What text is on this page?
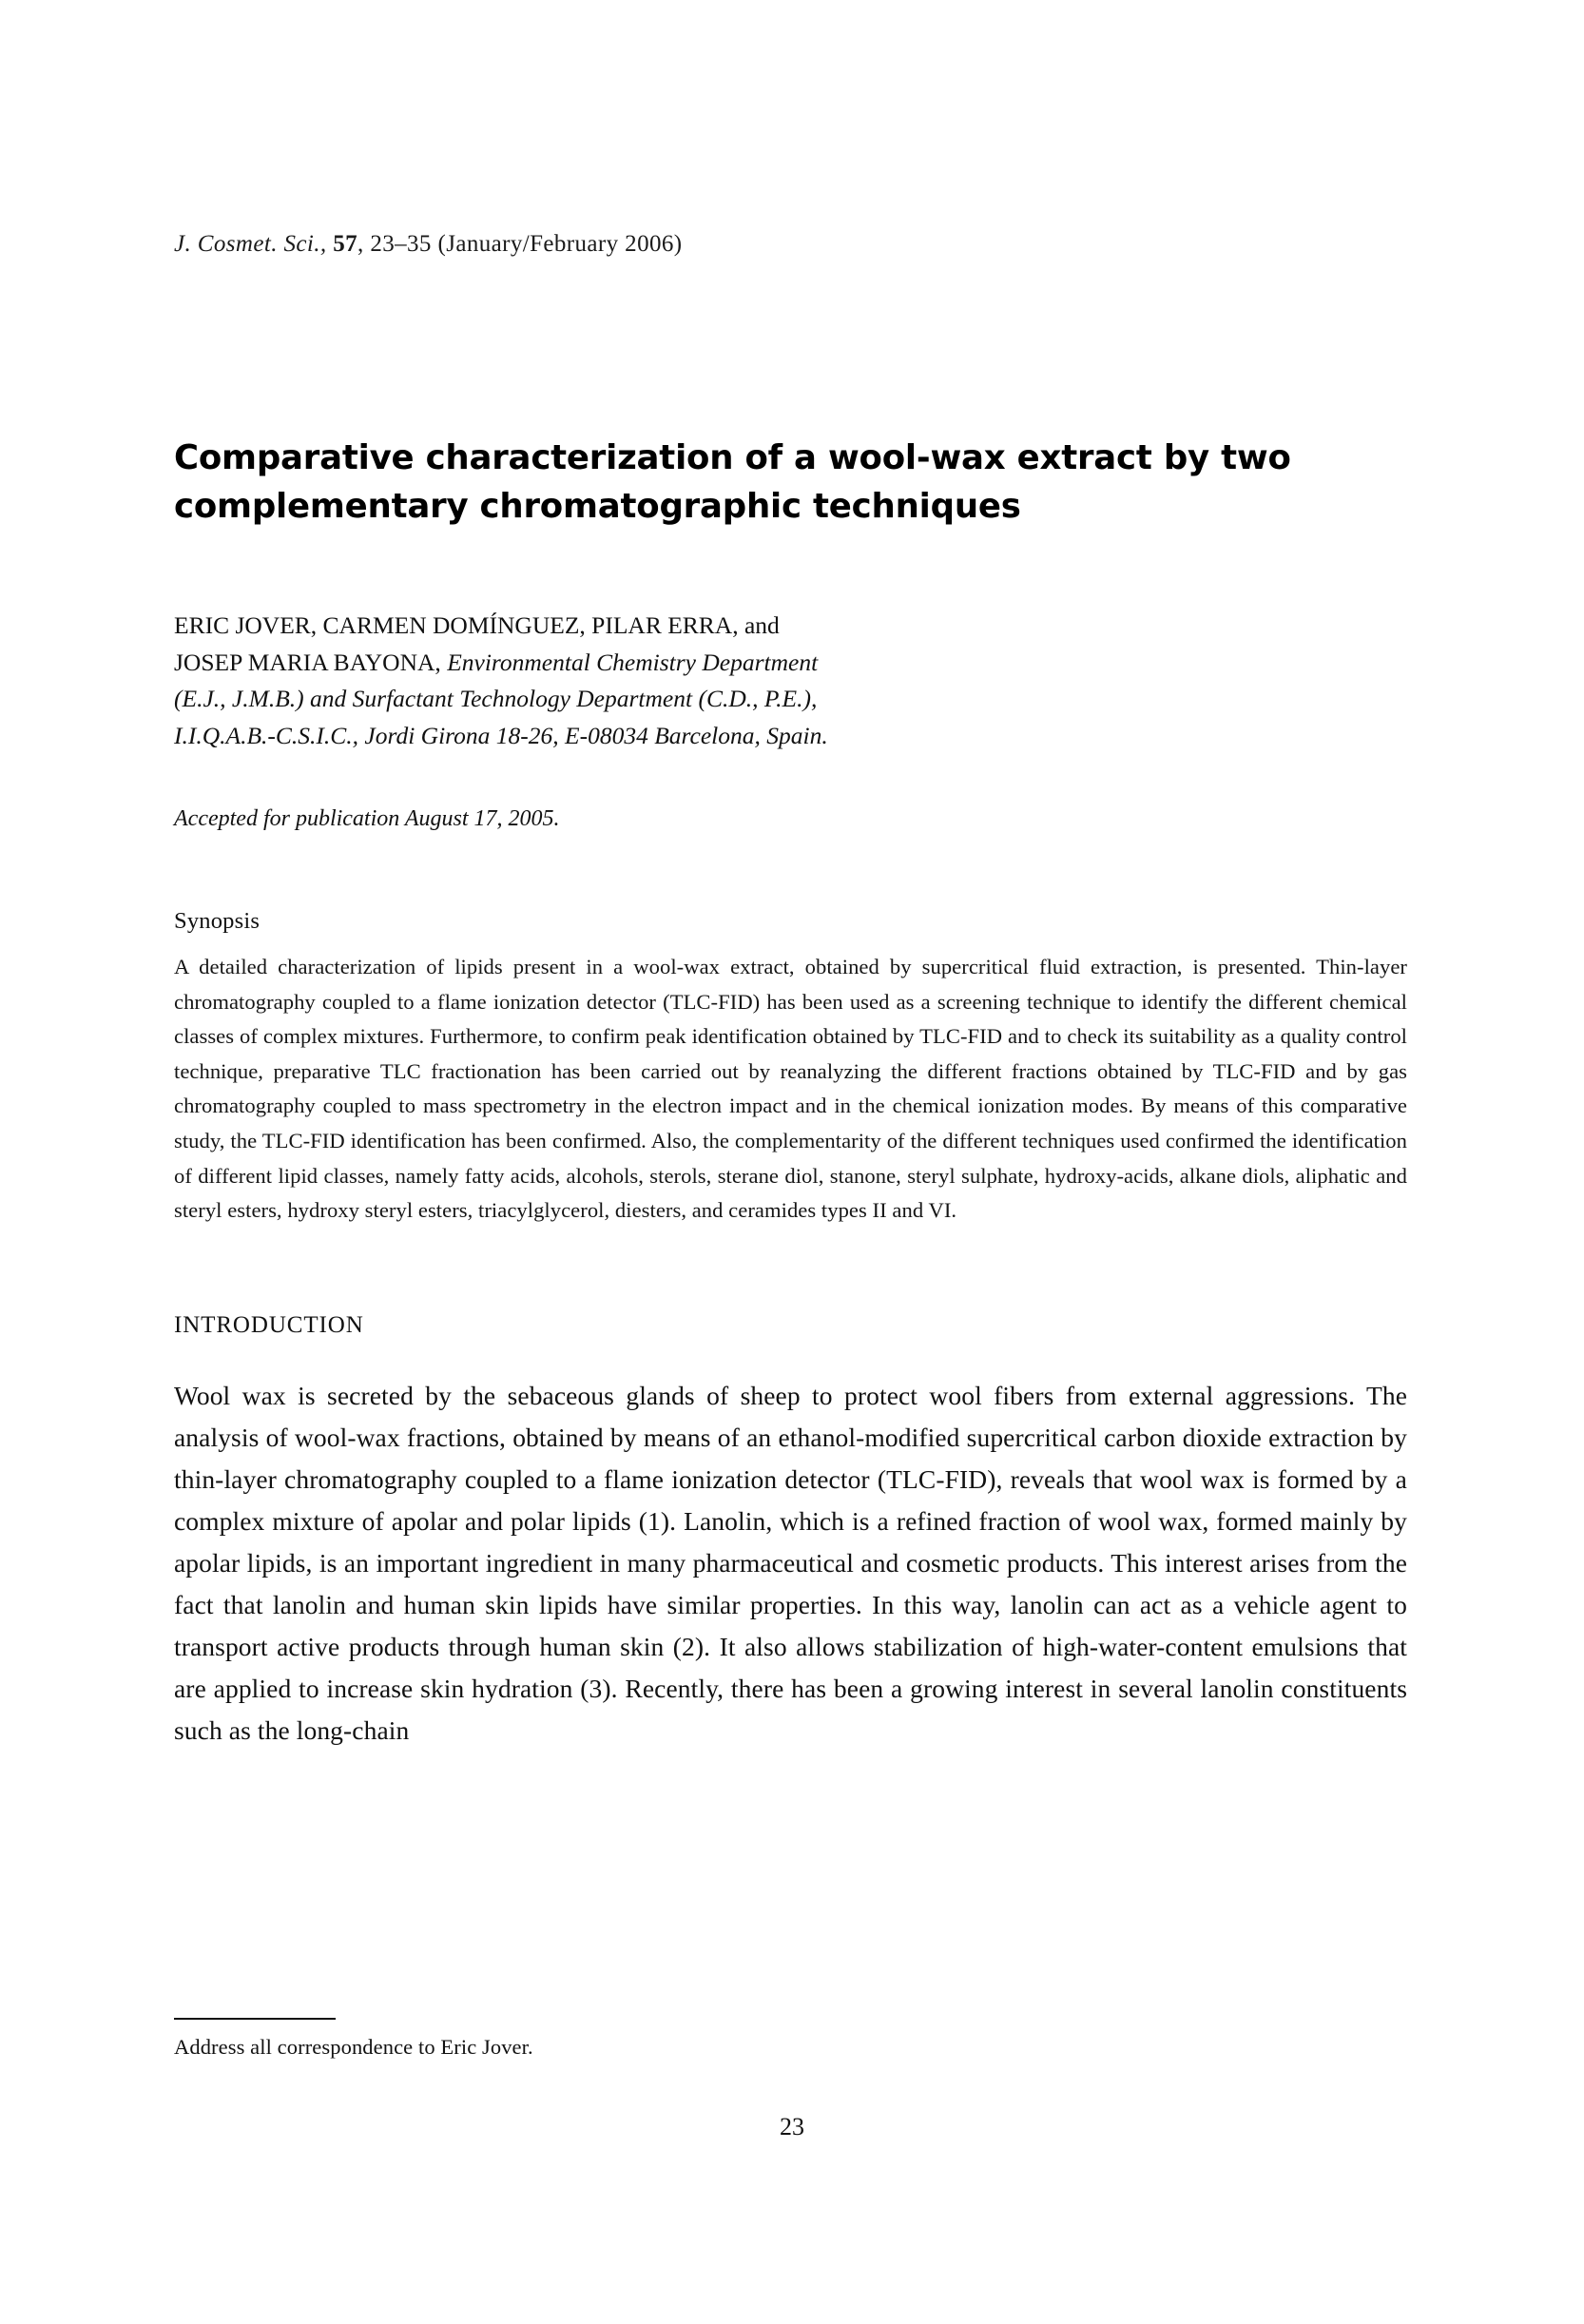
J. Cosmet. Sci., 57, 23–35 (January/February 2006)
Comparative characterization of a wool-wax extract by two complementary chromatographic techniques
ERIC JOVER, CARMEN DOMÍNGUEZ, PILAR ERRA, and
JOSEP MARIA BAYONA, Environmental Chemistry Department
(E.J., J.M.B.) and Surfactant Technology Department (C.D., P.E.),
I.I.Q.A.B.-C.S.I.C., Jordi Girona 18-26, E-08034 Barcelona, Spain.
Accepted for publication August 17, 2005.
Synopsis
A detailed characterization of lipids present in a wool-wax extract, obtained by supercritical fluid extraction, is presented. Thin-layer chromatography coupled to a flame ionization detector (TLC-FID) has been used as a screening technique to identify the different chemical classes of complex mixtures. Furthermore, to confirm peak identification obtained by TLC-FID and to check its suitability as a quality control technique, preparative TLC fractionation has been carried out by reanalyzing the different fractions obtained by TLC-FID and by gas chromatography coupled to mass spectrometry in the electron impact and in the chemical ionization modes. By means of this comparative study, the TLC-FID identification has been confirmed. Also, the complementarity of the different techniques used confirmed the identification of different lipid classes, namely fatty acids, alcohols, sterols, sterane diol, stanone, steryl sulphate, hydroxy-acids, alkane diols, aliphatic and steryl esters, hydroxy steryl esters, triacylglycerol, diesters, and ceramides types II and VI.
INTRODUCTION
Wool wax is secreted by the sebaceous glands of sheep to protect wool fibers from external aggressions. The analysis of wool-wax fractions, obtained by means of an ethanol-modified supercritical carbon dioxide extraction by thin-layer chromatography coupled to a flame ionization detector (TLC-FID), reveals that wool wax is formed by a complex mixture of apolar and polar lipids (1). Lanolin, which is a refined fraction of wool wax, formed mainly by apolar lipids, is an important ingredient in many pharmaceutical and cosmetic products. This interest arises from the fact that lanolin and human skin lipids have similar properties. In this way, lanolin can act as a vehicle agent to transport active products through human skin (2). It also allows stabilization of high-water-content emulsions that are applied to increase skin hydration (3). Recently, there has been a growing interest in several lanolin constituents such as the long-chain
Address all correspondence to Eric Jover.
23
